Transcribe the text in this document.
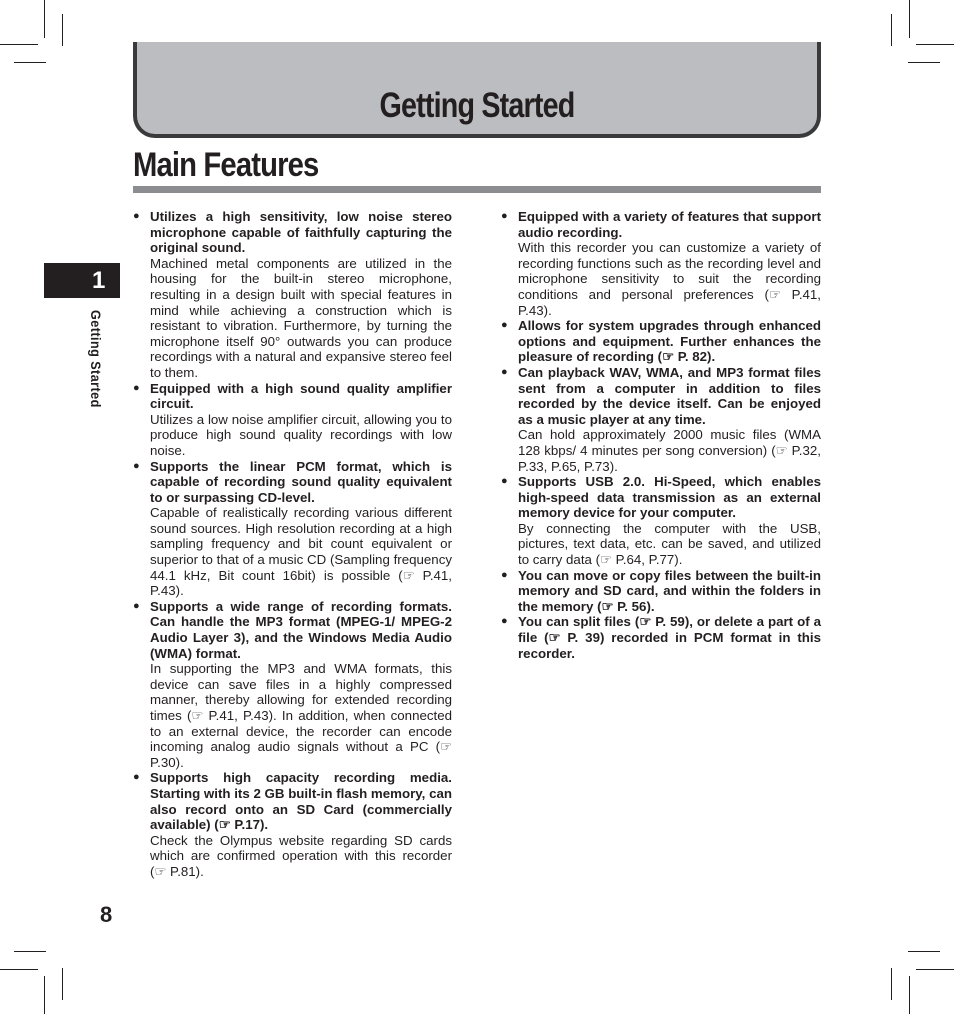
Getting Started
Main Features
1
Getting Started
8
● Utilizes a high sensitivity, low noise stereo microphone capable of faithfully capturing the original sound.
Machined metal components are utilized in the housing for the built-in stereo microphone, resulting in a design built with special features in mind while achieving a construction which is resistant to vibration. Furthermore, by turning the microphone itself 90° outwards you can produce recordings with a natural and expansive stereo feel to them.
● Equipped with a high sound quality amplifier circuit.
Utilizes a low noise amplifier circuit, allowing you to produce high sound quality recordings with low noise.
● Supports the linear PCM format, which is capable of recording sound quality equivalent to or surpassing CD-level.
Capable of realistically recording various different sound sources. High resolution recording at a high sampling frequency and bit count equivalent or superior to that of a music CD (Sampling frequency 44.1 kHz, Bit count 16bit) is possible (☞ P.41, P.43).
● Supports a wide range of recording formats. Can handle the MP3 format (MPEG-1/ MPEG-2 Audio Layer 3), and the Windows Media Audio (WMA) format.
In supporting the MP3 and WMA formats, this device can save files in a highly compressed manner, thereby allowing for extended recording times (☞ P.41, P.43). In addition, when connected to an external device, the recorder can encode incoming analog audio signals without a PC (☞ P.30).
● Supports high capacity recording media. Starting with its 2 GB built-in flash memory, can also record onto an SD Card (commercially available) (☞ P.17).
Check the Olympus website regarding SD cards which are confirmed operation with this recorder (☞ P.81).
● Equipped with a variety of features that support audio recording.
With this recorder you can customize a variety of recording functions such as the recording level and microphone sensitivity to suit the recording conditions and personal preferences (☞ P.41, P.43).
● Allows for system upgrades through enhanced options and equipment. Further enhances the pleasure of recording (☞ P. 82).
● Can playback WAV, WMA, and MP3 format files sent from a computer in addition to files recorded by the device itself. Can be enjoyed as a music player at any time.
Can hold approximately 2000 music files (WMA 128 kbps/ 4 minutes per song conversion) (☞ P.32, P.33, P.65, P.73).
● Supports USB 2.0. Hi-Speed, which enables high-speed data transmission as an external memory device for your computer.
By connecting the computer with the USB, pictures, text data, etc. can be saved, and utilized to carry data (☞ P.64, P.77).
● You can move or copy files between the built-in memory and SD card, and within the folders in the memory (☞ P. 56).
● You can split files (☞ P. 59), or delete a part of a file (☞ P. 39) recorded in PCM format in this recorder.
